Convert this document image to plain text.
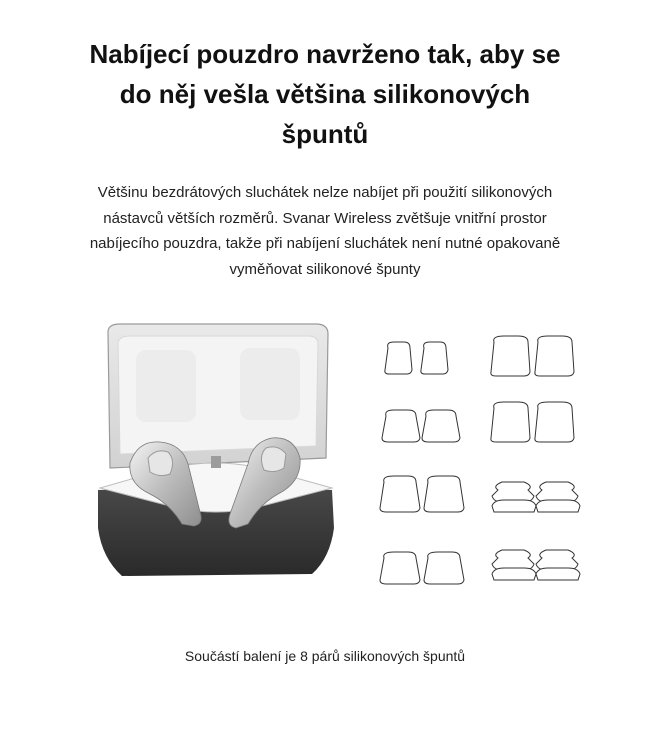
Nabíjecí pouzdro navrženo tak, aby se
do něj vešla většina silikonových
špuntů

Většinu bezdrátových sluchátek nelze nabíjet při použití silikonových
nástavců větších rozměrů. Svanar Wireless zvětšuje vnitřní prostor
nabíjecího pouzdra, takže při nabíjení sluchátek není nutné opakovaně
vyměňovat silikonové špunty

Součástí balení je 8 párů silikonových špuntů
